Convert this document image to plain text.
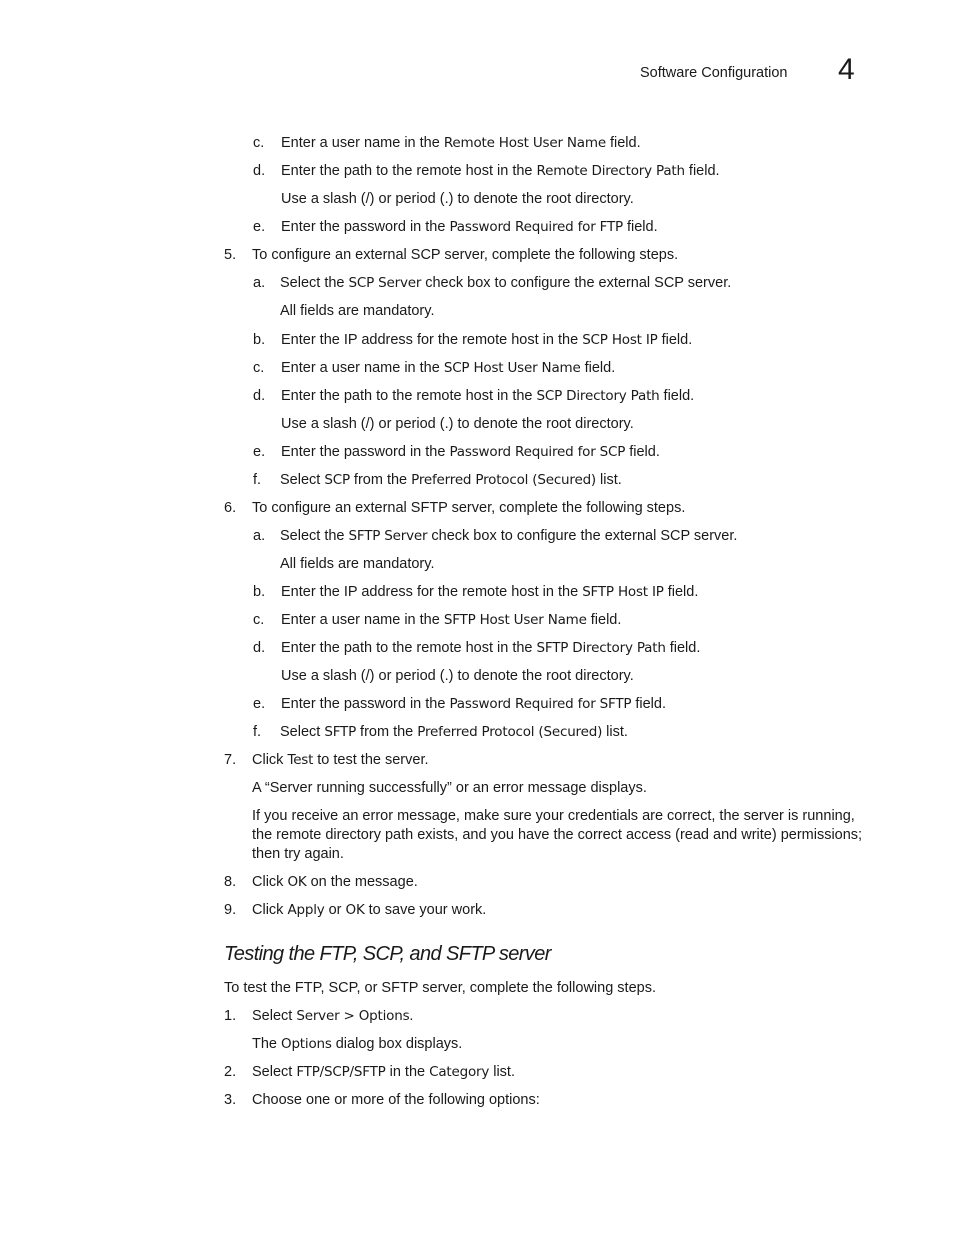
Software Configuration 4
c. Enter a user name in the Remote Host User Name field.
d. Enter the path to the remote host in the Remote Directory Path field.
Use a slash (/) or period (.) to denote the root directory.
e. Enter the password in the Password Required for FTP field.
5. To configure an external SCP server, complete the following steps.
a. Select the SCP Server check box to configure the external SCP server.
All fields are mandatory.
b. Enter the IP address for the remote host in the SCP Host IP field.
c. Enter a user name in the SCP Host User Name field.
d. Enter the path to the remote host in the SCP Directory Path field.
Use a slash (/) or period (.) to denote the root directory.
e. Enter the password in the Password Required for SCP field.
f. Select SCP from the Preferred Protocol (Secured) list.
6. To configure an external SFTP server, complete the following steps.
a. Select the SFTP Server check box to configure the external SCP server.
All fields are mandatory.
b. Enter the IP address for the remote host in the SFTP Host IP field.
c. Enter a user name in the SFTP Host User Name field.
d. Enter the path to the remote host in the SFTP Directory Path field.
Use a slash (/) or period (.) to denote the root directory.
e. Enter the password in the Password Required for SFTP field.
f. Select SFTP from the Preferred Protocol (Secured) list.
7. Click Test to test the server.
A “Server running successfully” or an error message displays.
If you receive an error message, make sure your credentials are correct, the server is running,
the remote directory path exists, and you have the correct access (read and write) permissions;
then try again.
8. Click OK on the message.
9. Click Apply or OK to save your work.
To test the FTP, SCP, or SFTP server, complete the following steps.
1. Select Server > Options.
The Options dialog box displays.
2. Select FTP/SCP/SFTP in the Category list.
3. Choose one or more of the following options:
Testing the FTP, SCP, and SFTP server
